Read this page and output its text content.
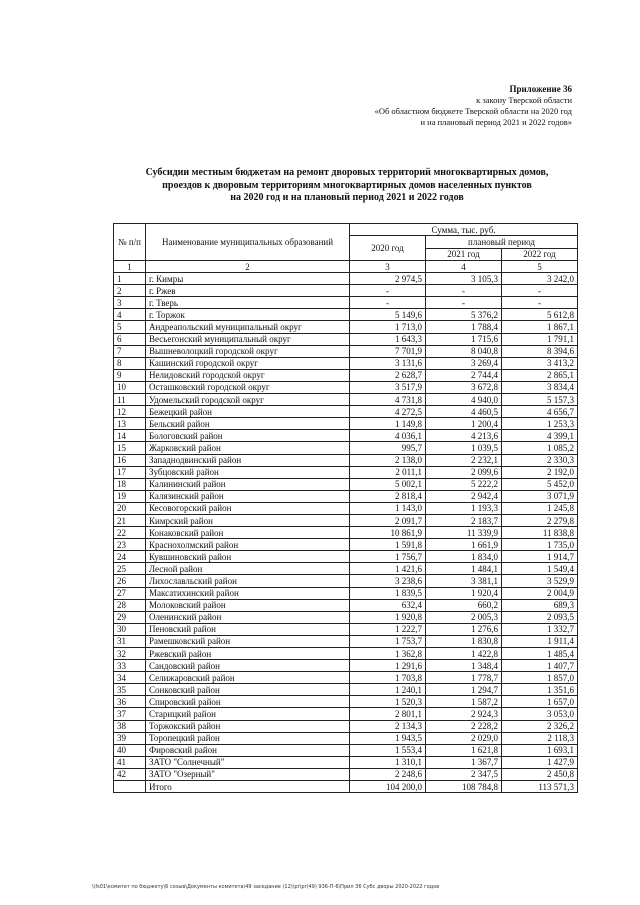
Приложение 36
к закону Тверской области
«Об областном бюджете Тверской области на 2020 год
и на плановый период 2021 и 2022 годов»
Субсидии местным бюджетам на ремонт дворовых территорий многоквартирных домов,
проездов к дворовым территориям многоквартирных домов населенных пунктов
на 2020 год и на плановый период 2021 и 2022 годов
№ п/п	Наименование муниципальных образований	Сумма, тыс. руб.		
		2020 год	плановый период	
			2021 год	2022 год
1	2	3	4	5
1	г. Кимры	2 974,5	3 105,3	3 242,0
2	г. Ржев	-	-	-
3	г. Тверь	-	-	-
4	г. Торжок	5 149,6	5 376,2	5 612,8
5	Андреапольский муниципальный округ	1 713,0	1 788,4	1 867,1
6	Весьегонский муниципальный округ	1 643,3	1 715,6	1 791,1
7	Вышневолоцкий городской округ	7 701,9	8 040,8	8 394,6
8	Кашинский городской округ	3 131,6	3 269,4	3 413,2
9	Нелидовский городской округ	2 628,7	2 744,4	2 865,1
10	Осташковский городской округ	3 517,9	3 672,8	3 834,4
11	Удомельский городской округ	4 731,8	4 940,0	5 157,3
12	Бежецкий район	4 272,5	4 460,5	4 656,7
13	Бельский район	1 149,8	1 200,4	1 253,3
14	Бологовский район	4 036,1	4 213,6	4 399,1
15	Жарковский район	995,7	1 039,5	1 085,2
16	Западнодвинский район	2 138,0	2 232,1	2 330,3
17	Зубцовский район	2 011,1	2 099,6	2 192,0
18	Калининский район	5 002,1	5 222,2	5 452,0
19	Калязинский район	2 818,4	2 942,4	3 071,9
20	Кесовогорский район	1 143,0	1 193,3	1 245,8
21	Кимрский район	2 091,7	2 183,7	2 279,8
22	Конаковский район	10 861,9	11 339,9	11 838,8
23	Краснохолмский район	1 591,8	1 661,9	1 735,0
24	Кувшиновский район	1 756,7	1 834,0	1 914,7
25	Лесной район	1 421,6	1 484,1	1 549,4
26	Лихославльский район	3 238,6	3 381,1	3 529,9
27	Максатихинский район	1 839,5	1 920,4	2 004,9
28	Молоковский район	632,4	660,2	689,3
29	Оленинский район	1 920,8	2 005,3	2 093,5
30	Пеновский район	1 222,7	1 276,6	1 332,7
31	Рамешковский район	1 753,7	1 830,8	1 911,4
32	Ржевский район	1 362,8	1 422,8	1 485,4
33	Сандовский район	1 291,6	1 348,4	1 407,7
34	Селижаровский район	1 703,8	1 778,7	1 857,0
35	Сонковский район	1 240,1	1 294,7	1 351,6
36	Спировский район	1 520,3	1 587,2	1 657,0
37	Старицкий район	2 801,1	2 924,3	3 053,0
38	Торжокский район	2 134,3	2 228,2	2 326,2
39	Торопецкий район	1 943,5	2 029,0	2 118,3
40	Фировский район	1 553,4	1 621,8	1 693,1
41	ЗАТО "Солнечный"	1 310,1	1 367,7	1 427,9
42	ЗАТО "Озерный"	2 248,6	2 347,5	2 450,8
	Итого	104 200,0	108 784,8	113 571,3
\\fs01\комитет по бюджету\6 созыв\Документы комитета\49 заседание (12)\pr\pr(49) 936-П-6\Прил 36 Субс дворы 2020-2022 годов
